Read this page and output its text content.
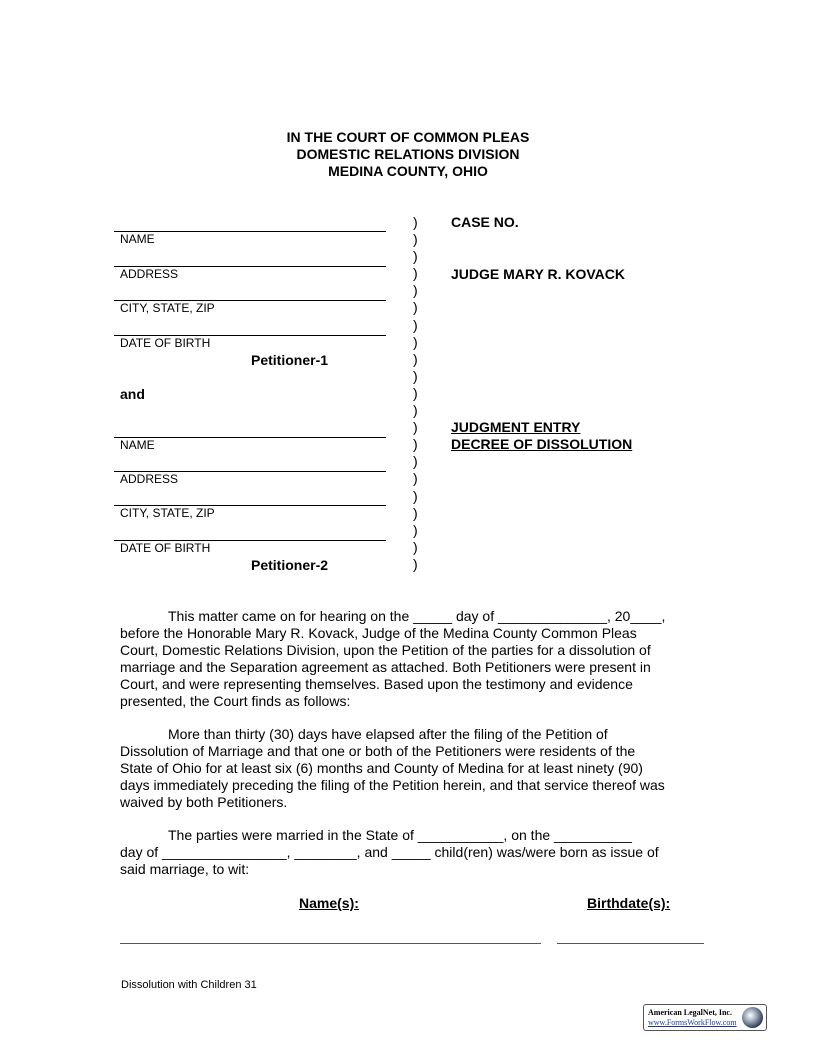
IN THE COURT OF COMMON PLEAS
DOMESTIC RELATIONS DIVISION
MEDINA COUNTY, OHIO
NAME
ADDRESS
CITY, STATE, ZIP
DATE OF BIRTH
Petitioner-1
and
NAME
ADDRESS
CITY, STATE, ZIP
DATE OF BIRTH
Petitioner-2
)
)
)
)
)
)
)
)
)
)
)
)
)
)
)
)
)
)
)
)
)
CASE NO.
JUDGE MARY R. KOVACK
JUDGMENT ENTRY
DECREE OF DISSOLUTION
This matter came on for hearing on the _____ day of ______________, 20____,
before the Honorable Mary R. Kovack, Judge of the Medina County Common Pleas
Court, Domestic Relations Division, upon the Petition of the parties for a dissolution of
marriage and the Separation agreement as attached. Both Petitioners were present in
Court, and were representing themselves. Based upon the testimony and evidence
presented, the Court finds as follows:
More than thirty (30) days have elapsed after the filing of the Petition of
Dissolution of Marriage and that one or both of the Petitioners were residents of the
State of Ohio for at least six (6) months and County of Medina for at least ninety (90)
days immediately preceding the filing of the Petition herein, and that service thereof was
waived by both Petitioners.
The parties were married in the State of ___________, on the __________
day of ________________, ________, and _____ child(ren) was/were born as issue of
said marriage, to wit:
Name(s):	Birthdate(s):
Dissolution with Children 31
American LegalNet, Inc.
www.FormsWorkFlow.com
